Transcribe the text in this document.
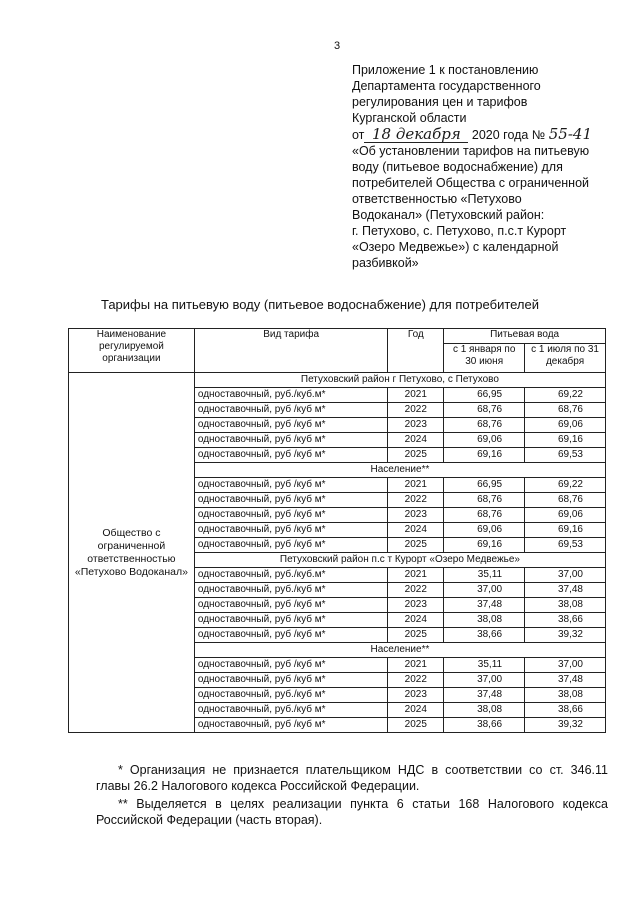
3
Приложение 1 к постановлению
Департамента государственного
регулирования цен и тарифов
Курганской области
от 18 декабря 2020 года № 55-41
«Об установлении тарифов на питьевую
воду (питьевое водоснабжение) для
потребителей Общества с ограниченной
ответственностью «Петухово
Водоканал» (Петуховский район:
г. Петухово, с. Петухово, п.с.т Курорт
«Озеро Медвежье») с календарной
разбивкой»
Тарифы на питьевую воду (питьевое водоснабжение) для потребителей
Наименование регулируемой организации	Вид тарифа	Год	Питьевая вода	
			с 1 января по 30 июня	с 1 июля по 31 декабря
Общество с ограниченной ответственностью «Петухово Водоканал»	Петуховский район г Петухово, с Петухово			
	одноставочный, руб./куб.м*	2021	66,95	69,22
	одноставочный, руб /куб м*	2022	68,76	68,76
	одноставочный, руб /куб м*	2023	68,76	69,06
	одноставочный, руб /куб м*	2024	69,06	69,16
	одноставочный, руб /куб м*	2025	69,16	69,53
	Население**			
	одноставочный, руб /куб м*	2021	66,95	69,22
	одноставочный, руб /куб м*	2022	68,76	68,76
	одноставочный, руб /куб м*	2023	68,76	69,06
	одноставочный, руб /куб м*	2024	69,06	69,16
	одноставочный, руб /куб м*	2025	69,16	69,53
	Петуховский район п.с т Курорт «Озеро Медвежье»			
	одноставочный, руб./куб.м*	2021	35,11	37,00
	одноставочный, руб./куб м*	2022	37,00	37,48
	одноставочный, руб /куб м*	2023	37,48	38,08
	одноставочный, руб /куб м*	2024	38,08	38,66
	одноставочный, руб /куб м*	2025	38,66	39,32
	Население**			
	одноставочный, руб /куб м*	2021	35,11	37,00
	одноставочный, руб /куб м*	2022	37,00	37,48
	одноставочный, руб./куб м*	2023	37,48	38,08
	одноставочный, руб./куб м*	2024	38,08	38,66
	одноставочный, руб /куб м*	2025	38,66	39,32

* Организация не признается плательщиком НДС в соответствии со ст. 346.11 главы 26.2 Налогового кодекса Российской Федерации.

** Выделяется в целях реализации пункта 6 статьи 168 Налогового кодекса Российской Федерации (часть вторая).
